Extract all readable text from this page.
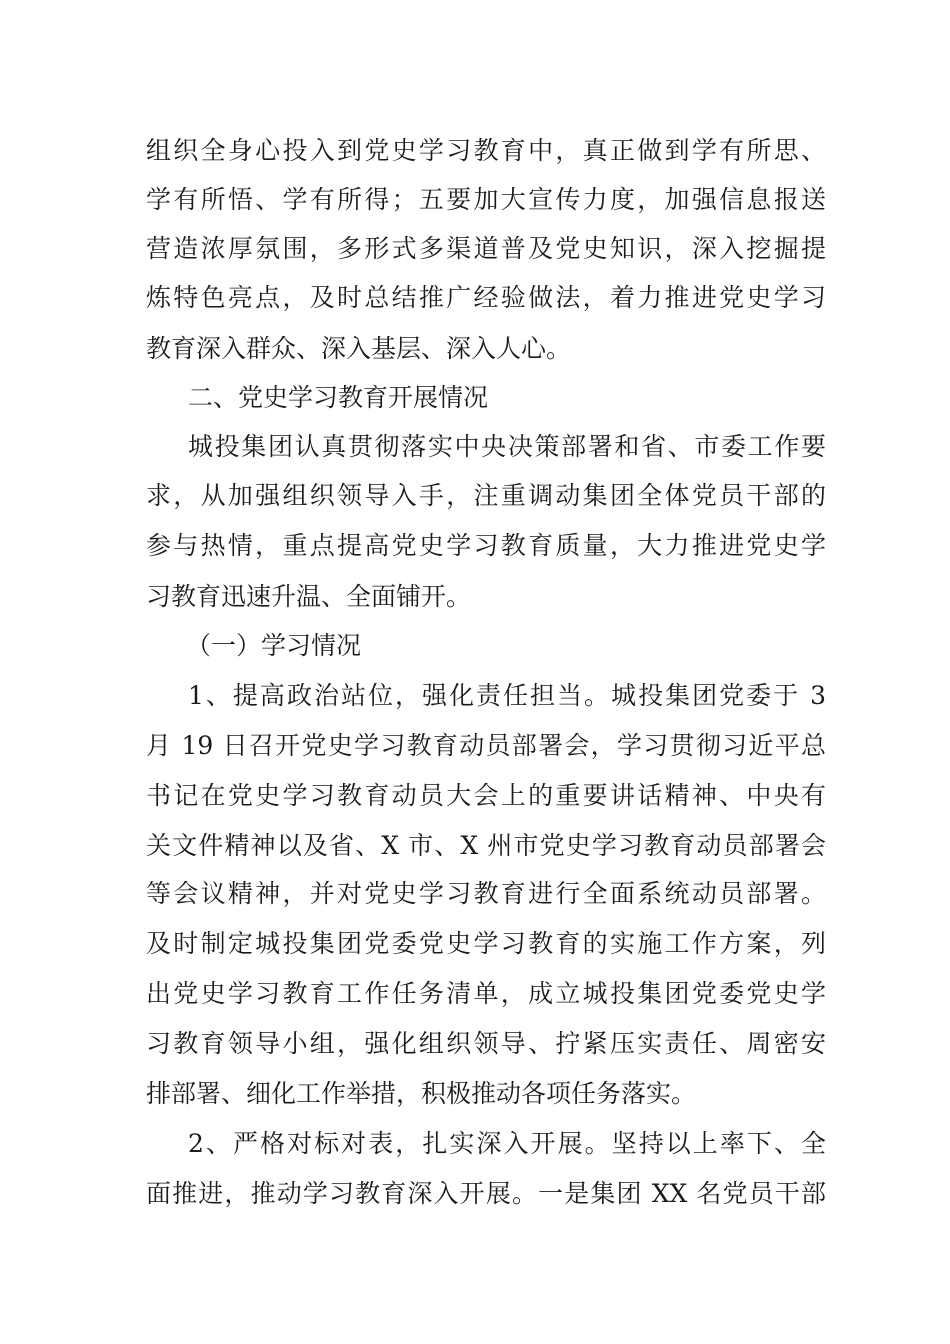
组织全身心投入到党史学习教育中，真正做到学有所思、
学有所悟、学有所得；五要加大宣传力度，加强信息报送
营造浓厚氛围，多形式多渠道普及党史知识，深入挖掘提
炼特色亮点，及时总结推广经验做法，着力推进党史学习
教育深入群众、深入基层、深入人心。
二、党史学习教育开展情况
城投集团认真贯彻落实中央决策部署和省、市委工作要
求，从加强组织领导入手，注重调动集团全体党员干部的
参与热情，重点提高党史学习教育质量，大力推进党史学
习教育迅速升温、全面铺开。
（一）学习情况
1、提高政治站位，强化责任担当。城投集团党委于 3
月 19 日召开党史学习教育动员部署会，学习贯彻习近平总
书记在党史学习教育动员大会上的重要讲话精神、中央有
关文件精神以及省、X 市、X 州市党史学习教育动员部署会
等会议精神，并对党史学习教育进行全面系统动员部署。
及时制定城投集团党委党史学习教育的实施工作方案，列
出党史学习教育工作任务清单，成立城投集团党委党史学
习教育领导小组，强化组织领导、拧紧压实责任、周密安
排部署、细化工作举措，积极推动各项任务落实。
2、严格对标对表，扎实深入开展。坚持以上率下、全
面推进，推动学习教育深入开展。一是集团 XX 名党员干部
